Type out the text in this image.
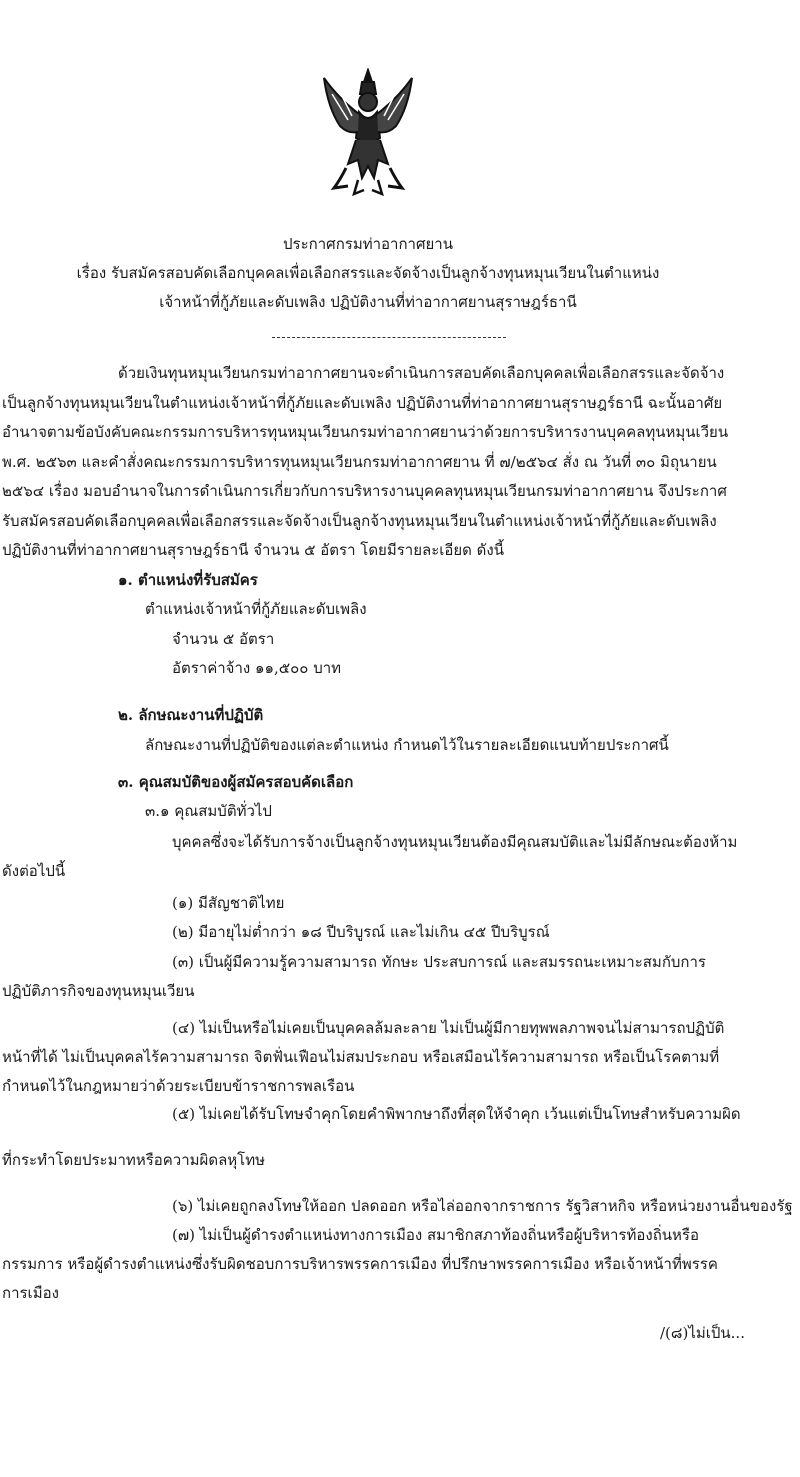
ประกาศกรมท่าอากาศยาน
เรื่อง รับสมัครสอบคัดเลือกบุคคลเพื่อเลือกสรรและจัดจ้างเป็นลูกจ้างทุนหมุนเวียนในตำแหน่ง
เจ้าหน้าที่กู้ภัยและดับเพลิง ปฏิบัติงานที่ท่าอากาศยานสุราษฎร์ธานี
ด้วยเงินทุนหมุนเวียนกรมท่าอากาศยานจะดำเนินการสอบคัดเลือกบุคคลเพื่อเลือกสรรและจัดจ้าง
เป็นลูกจ้างทุนหมุนเวียนในตำแหน่งเจ้าหน้าที่กู้ภัยและดับเพลิง ปฏิบัติงานที่ท่าอากาศยานสุราษฎร์ธานี ฉะนั้นอาศัย
อำนาจตามข้อบังคับคณะกรรมการบริหารทุนหมุนเวียนกรมท่าอากาศยานว่าด้วยการบริหารงานบุคคลทุนหมุนเวียน
พ.ศ. ๒๕๖๓ และคำสั่งคณะกรรมการบริหารทุนหมุนเวียนกรมท่าอากาศยาน ที่ ๗/๒๕๖๔ สั่ง ณ วันที่ ๓๐ มิถุนายน
๒๕๖๔ เรื่อง มอบอำนาจในการดำเนินการเกี่ยวกับการบริหารงานบุคคลทุนหมุนเวียนกรมท่าอากาศยาน จึงประกาศ
รับสมัครสอบคัดเลือกบุคคลเพื่อเลือกสรรและจัดจ้างเป็นลูกจ้างทุนหมุนเวียนในตำแหน่งเจ้าหน้าที่กู้ภัยและดับเพลิง
ปฏิบัติงานที่ท่าอากาศยานสุราษฎร์ธานี จำนวน ๕ อัตรา โดยมีรายละเอียด ดังนี้
๑. ตำแหน่งที่รับสมัคร
ตำแหน่งเจ้าหน้าที่กู้ภัยและดับเพลิง
จำนวน ๕ อัตรา
อัตราค่าจ้าง ๑๑,๕๐๐ บาท
๒. ลักษณะงานที่ปฏิบัติ
ลักษณะงานที่ปฏิบัติของแต่ละตำแหน่ง กำหนดไว้ในรายละเอียดแนบท้ายประกาศนี้
๓. คุณสมบัติของผู้สมัครสอบคัดเลือก
๓.๑ คุณสมบัติทั่วไป
บุคคลซึ่งจะได้รับการจ้างเป็นลูกจ้างทุนหมุนเวียนต้องมีคุณสมบัติและไม่มีลักษณะต้องห้าม
ดังต่อไปนี้
(๑) มีสัญชาติไทย
(๒) มีอายุไม่ต่ำกว่า ๑๘ ปีบริบูรณ์ และไม่เกิน ๔๕ ปีบริบูรณ์
(๓) เป็นผู้มีความรู้ความสามารถ ทักษะ ประสบการณ์ และสมรรถนะเหมาะสมกับการ
ปฏิบัติภารกิจของทุนหมุนเวียน
(๔) ไม่เป็นหรือไม่เคยเป็นบุคคลล้มละลาย ไม่เป็นผู้มีกายทุพพลภาพจนไม่สามารถปฏิบัติ
หน้าที่ได้ ไม่เป็นบุคคลไร้ความสามารถ จิตฟั่นเฟือนไม่สมประกอบ หรือเสมือนไร้ความสามารถ หรือเป็นโรคตามที่
กำหนดไว้ในกฎหมายว่าด้วยระเบียบข้าราชการพลเรือน
(๕) ไม่เคยได้รับโทษจำคุกโดยคำพิพากษาถึงที่สุดให้จำคุก เว้นแต่เป็นโทษสำหรับความผิด
ที่กระทำโดยประมาทหรือความผิดลหุโทษ
(๖) ไม่เคยถูกลงโทษให้ออก ปลดออก หรือไล่ออกจากราชการ รัฐวิสาหกิจ หรือหน่วยงานอื่นของรัฐ
(๗) ไม่เป็นผู้ดำรงตำแหน่งทางการเมือง สมาชิกสภาท้องถิ่นหรือผู้บริหารท้องถิ่นหรือ
กรรมการ หรือผู้ดำรงตำแหน่งซึ่งรับผิดชอบการบริหารพรรคการเมือง ที่ปรึกษาพรรคการเมือง หรือเจ้าหน้าที่พรรค
การเมือง
/(๘)ไม่เป็น...
